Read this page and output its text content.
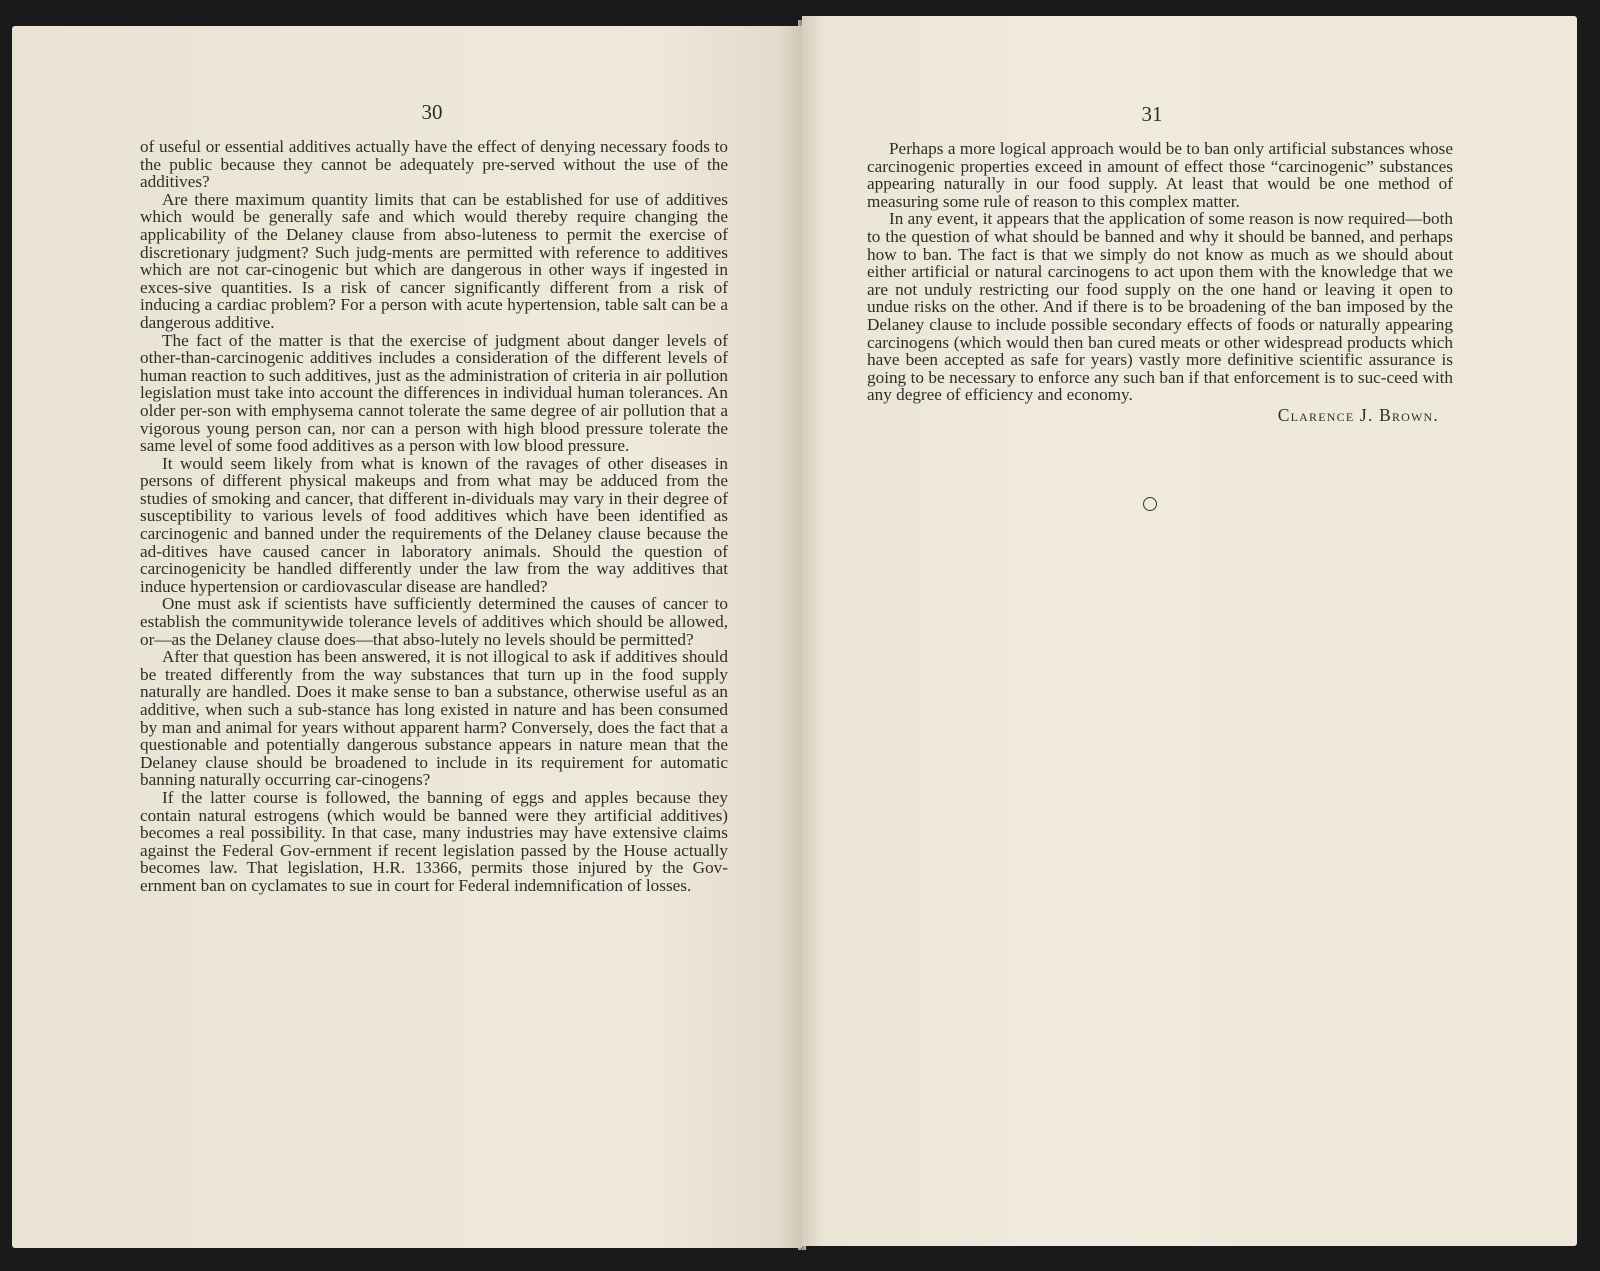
30

of useful or essential additives actually have the effect of denying necessary foods to the public because they cannot be adequately pre-served without the use of the additives?

Are there maximum quantity limits that can be established for use of additives which would be generally safe and which would thereby require changing the applicability of the Delaney clause from abso-luteness to permit the exercise of discretionary judgment? Such judg-ments are permitted with reference to additives which are not car-cinogenic but which are dangerous in other ways if ingested in exces-sive quantities. Is a risk of cancer significantly different from a risk of inducing a cardiac problem? For a person with acute hypertension, table salt can be a dangerous additive.

The fact of the matter is that the exercise of judgment about danger levels of other-than-carcinogenic additives includes a consideration of the different levels of human reaction to such additives, just as the administration of criteria in air pollution legislation must take into account the differences in individual human tolerances. An older per-son with emphysema cannot tolerate the same degree of air pollution that a vigorous young person can, nor can a person with high blood pressure tolerate the same level of some food additives as a person with low blood pressure.

It would seem likely from what is known of the ravages of other diseases in persons of different physical makeups and from what may be adduced from the studies of smoking and cancer, that different in-dividuals may vary in their degree of susceptibility to various levels of food additives which have been identified as carcinogenic and banned under the requirements of the Delaney clause because the ad-ditives have caused cancer in laboratory animals. Should the question of carcinogenicity be handled differently under the law from the way additives that induce hypertension or cardiovascular disease are handled?

One must ask if scientists have sufficiently determined the causes of cancer to establish the communitywide tolerance levels of additives which should be allowed, or—as the Delaney clause does—that abso-lutely no levels should be permitted?

After that question has been answered, it is not illogical to ask if additives should be treated differently from the way substances that turn up in the food supply naturally are handled. Does it make sense to ban a substance, otherwise useful as an additive, when such a sub-stance has long existed in nature and has been consumed by man and animal for years without apparent harm? Conversely, does the fact that a questionable and potentially dangerous substance appears in nature mean that the Delaney clause should be broadened to include in its requirement for automatic banning naturally occurring car-cinogens?

If the latter course is followed, the banning of eggs and apples because they contain natural estrogens (which would be banned were they artificial additives) becomes a real possibility. In that case, many industries may have extensive claims against the Federal Gov-ernment if recent legislation passed by the House actually becomes law. That legislation, H.R. 13366, permits those injured by the Gov-ernment ban on cyclamates to sue in court for Federal indemnification of losses.

31

Perhaps a more logical approach would be to ban only artificial substances whose carcinogenic properties exceed in amount of effect those “carcinogenic” substances appearing naturally in our food supply. At least that would be one method of measuring some rule of reason to this complex matter.

In any event, it appears that the application of some reason is now required—both to the question of what should be banned and why it should be banned, and perhaps how to ban. The fact is that we simply do not know as much as we should about either artificial or natural carcinogens to act upon them with the knowledge that we are not unduly restricting our food supply on the one hand or leaving it open to undue risks on the other. And if there is to be broadening of the ban imposed by the Delaney clause to include possible secondary effects of foods or naturally appearing carcinogens (which would then ban cured meats or other widespread products which have been accepted as safe for years) vastly more definitive scientific assurance is going to be necessary to enforce any such ban if that enforcement is to suc-ceed with any degree of efficiency and economy.

Clarence J. Brown.
